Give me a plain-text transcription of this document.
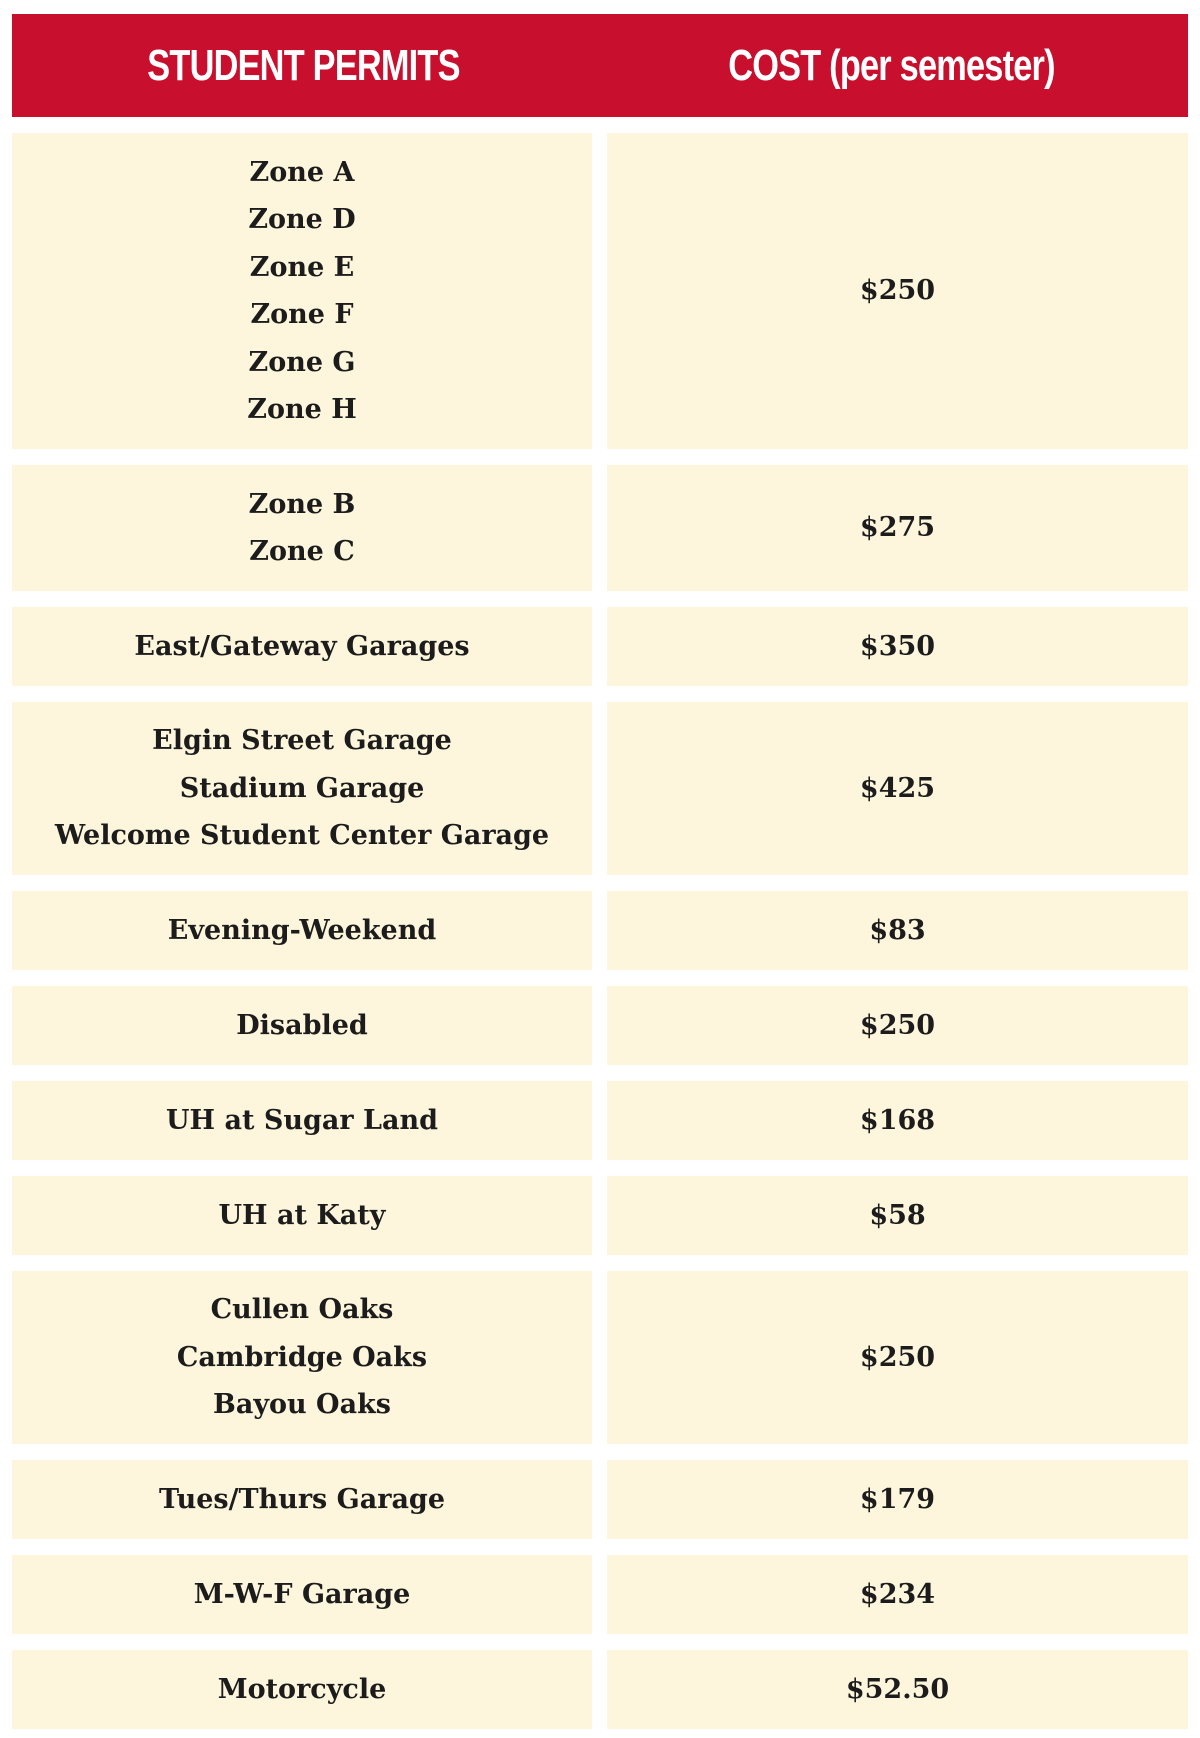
STUDENT PERMITS	COST (per semester)
Zone A
Zone D
Zone E
Zone F
Zone G
Zone H
$250
Zone B
Zone C
$275
East/Gateway Garages	$350
Elgin Street Garage
Stadium Garage
Welcome Student Center Garage
$425
Evening-Weekend	$83
Disabled	$250
UH at Sugar Land	$168
UH at Katy	$58
Cullen Oaks
Cambridge Oaks
Bayou Oaks
$250
Tues/Thurs Garage	$179
M-W-F Garage	$234
Motorcycle	$52.50
